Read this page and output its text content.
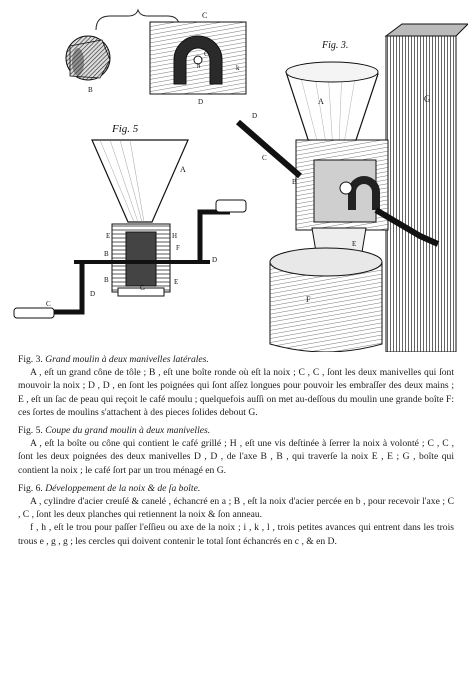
C
B
C
h	k
D
Fig. 5
A
E	H
F
B
E
G
B
D
D
C
Fig. 3.
G
A
D
C
B
E
F

Fig. 3. Grand moulin à deux manivelles latérales.

A , eſt un grand cône de tôle ; B , eſt une boîte ronde où eſt la noix ; C , C , ſont les deux manivelles qui ſont mouvoir la noix ; D , D , en ſont les poignées qui ſont aſſez longues pour pouvoir les embraſſer des deux mains ; E , eſt un ſac de peau qui reçoit le café moulu ; quelquefois auſſi on met au-deſſous du moulin une grande boîte F: ces ſortes de moulins s'attachent à des pieces ſolides debout G.

Fig. 5. Coupe du grand moulin à deux manivelles.

A , eſt la boîte ou cône qui contient le café grillé ; H , eſt une vis deſtinée à ſerrer la noix à volonté ; C , C , ſont les deux poignées des deux manivelles D , D , de l'axe B , B , qui traverſe la noix E , E ; G , boîte qui contient la noix ; le café ſort par un trou ménagé en G.

Fig. 6. Développement de la noix & de ſa boîte.

A , cylindre d'acier creuſé & canelé , échancré en a ; B , eſt la noix d'acier percée en b , pour recevoir l'axe ; C , C , ſont les deux planches qui retiennent la noix & ſon anneau.

f , h , eſt le trou pour paſſer l'eſſieu ou axe de la noix ; i , k , l , trois petites avances qui entrent dans les trois trous e , g , g ; les cercles qui doivent contenir le total ſont échancrés en c , & en D.
